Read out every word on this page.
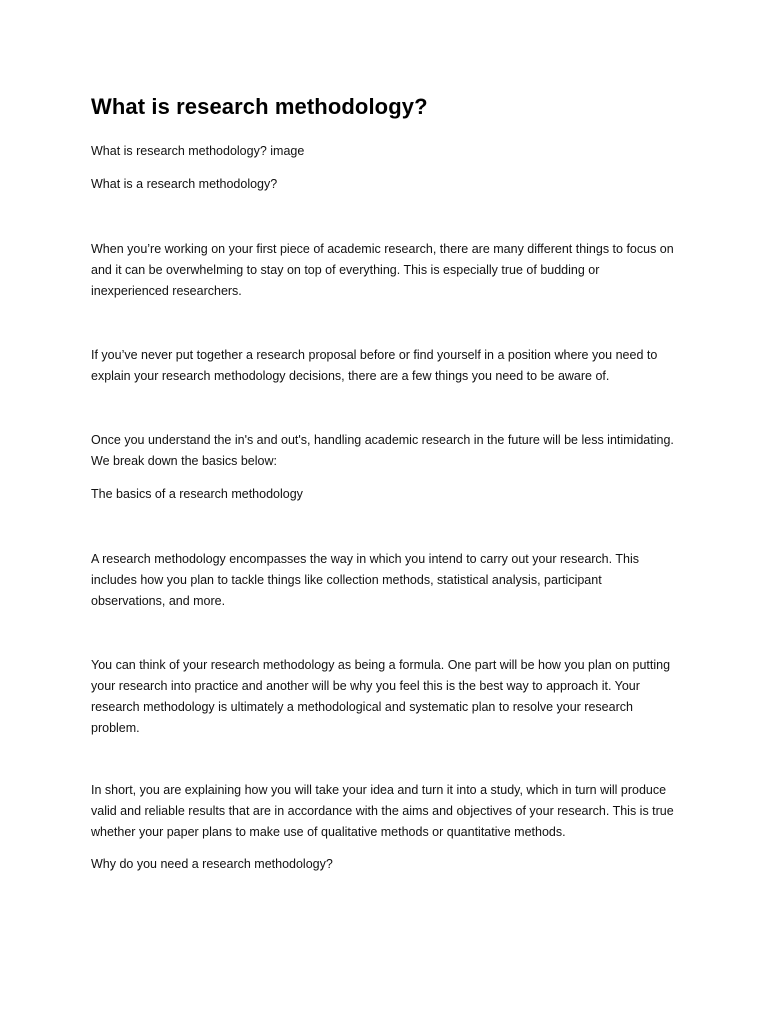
What is research methodology?

What is research methodology? image

What is a research methodology?

When you’re working on your first piece of academic research, there are many different things to focus on and it can be overwhelming to stay on top of everything. This is especially true of budding or inexperienced researchers.

If you’ve never put together a research proposal before or find yourself in a position where you need to explain your research methodology decisions, there are a few things you need to be aware of.

Once you understand the in's and out's, handling academic research in the future will be less intimidating. We break down the basics below:

The basics of a research methodology

A research methodology encompasses the way in which you intend to carry out your research. This includes how you plan to tackle things like collection methods, statistical analysis, participant observations, and more.

You can think of your research methodology as being a formula. One part will be how you plan on putting your research into practice and another will be why you feel this is the best way to approach it. Your research methodology is ultimately a methodological and systematic plan to resolve your research problem.

In short, you are explaining how you will take your idea and turn it into a study, which in turn will produce valid and reliable results that are in accordance with the aims and objectives of your research. This is true whether your paper plans to make use of qualitative methods or quantitative methods.

Why do you need a research methodology?
